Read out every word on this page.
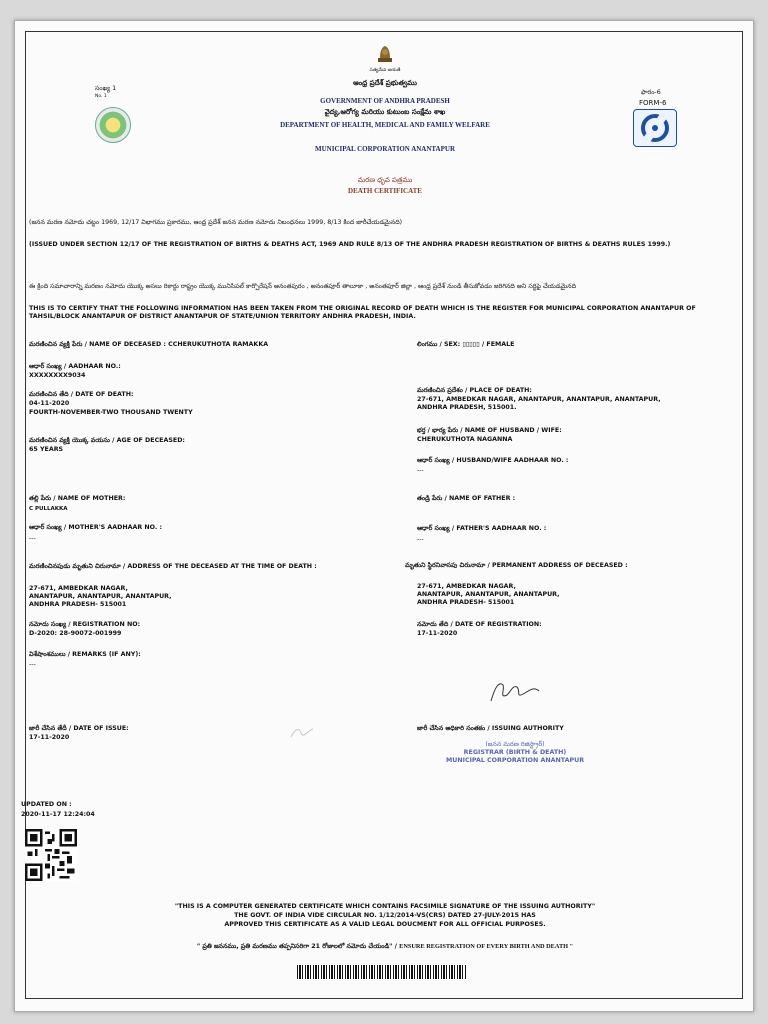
సత్యమేవ జయతే
సంఖ్య 1
No. 1
ఆంధ్ర ప్రదేశ్ ప్రభుత్వము
GOVERNMENT OF ANDHRA PRADESH
వైద్య,ఆరోగ్య మరియు కుటుంబ సంక్షేమ శాఖ
DEPARTMENT OF HEALTH, MEDICAL AND FAMILY WELFARE
ఫారం-6
FORM-6
MUNICIPAL CORPORATION ANANTAPUR
మరణ ధృవ పత్రము
DEATH CERTIFICATE
(జనన మరణ నమోదు చట్టం 1969, 12/17 విభాగము ప్రకారము, ఆంధ్ర ప్రదేశ్ జనన మరణ నమోదు నిబంధనలు 1999, 8/13 కింద జారీచేయడమైనది)
(ISSUED UNDER SECTION 12/17 OF THE REGISTRATION OF BIRTHS & DEATHS ACT, 1969 AND RULE 8/13 OF THE ANDHRA PRADESH REGISTRATION OF BIRTHS & DEATHS RULES 1999.)
ఈ క్రింది సమాచారాన్ని మరణం నమోదు యొక్క అసలు రికార్డు రాష్ట్రం యొక్క మునిసిపల్ కార్పొరేషన్ అనంతపురం , అనంతపూర్ తాలూకా , అనంతపూర్ జిల్లా , ఆంధ్ర ప్రదేశ్ నుండి తీసుకోవడం జరిగినది అని సర్టిఫై చేయడమైనది
THIS IS TO CERTIFY THAT THE FOLLOWING INFORMATION HAS BEEN TAKEN FROM THE ORIGINAL RECORD OF DEATH WHICH IS THE REGISTER FOR MUNICIPAL CORPORATION ANANTAPUR OF TAHSIL/BLOCK ANANTAPUR OF DISTRICT ANANTAPUR OF STATE/UNION TERRITORY ANDHRA PRADESH, INDIA.
మరణించిన వ్యక్తి పేరు / NAME OF DECEASED : CCHERUKUTHOTA RAMAKKA
ఆధార్ సంఖ్య / AADHAAR NO.:
XXXXXXXX9034
మరణించిన తేది / DATE OF DEATH:
04-11-2020
FOURTH-NOVEMBER-TWO THOUSAND TWENTY
మరణించిన వ్యక్తి యొక్క వయసు / AGE OF DECEASED:
65 YEARS
తల్లి పేరు / NAME OF MOTHER:
C PULLAKKA
ఆధార్ సంఖ్య / MOTHER'S AADHAAR NO. :
---
మరణించినపుడు మృతుని చిరునామా / ADDRESS OF THE DECEASED AT THE TIME OF DEATH :
27-671, AMBEDKAR NAGAR,
ANANTAPUR, ANANTAPUR, ANANTAPUR,
ANDHRA PRADESH- 515001
నమోదు సంఖ్య / REGISTRATION NO:
D-2020: 28-90072-001999
విశేషాంశములు / REMARKS (IF ANY):
---
జారీ చేసిన తేదీ / DATE OF ISSUE:
17-11-2020
లింగము / SEX: ▯▯▯▯▯ / FEMALE
మరణించిన ప్రదేశం / PLACE OF DEATH:
27-671, AMBEDKAR NAGAR, ANANTAPUR, ANANTAPUR, ANANTAPUR,
ANDHRA PRADESH, 515001.
భర్త / భార్య పేరు / NAME OF HUSBAND / WIFE:
CHERUKUTHOTA NAGANNA
ఆధార్ సంఖ్య / HUSBAND/WIFE AADHAAR NO. :
---
తండ్రి పేరు / NAME OF FATHER :
ఆధార్ సంఖ్య / FATHER'S AADHAAR NO. :
---
మృతుని స్థిరనివాసపు చిరునామా / PERMANENT ADDRESS OF DECEASED :
27-671, AMBEDKAR NAGAR,
ANANTAPUR, ANANTAPUR, ANANTAPUR,
ANDHRA PRADESH- 515001
నమోదు తేది / DATE OF REGISTRATION:
17-11-2020
జారీ చేసిన అధికారి సంతకం / ISSUING AUTHORITY
(జనన మరణ రిజిస్ట్రార్)
REGISTRAR (BIRTH & DEATH)
MUNICIPAL CORPORATION ANANTAPUR
UPDATED ON :
2020-11-17 12:24:04
"THIS IS A COMPUTER GENERATED CERTIFICATE WHICH CONTAINS FACSIMILE SIGNATURE OF THE ISSUING AUTHORITY"
THE GOVT. OF INDIA VIDE CIRCULAR NO. 1/12/2014-VS(CRS) DATED 27-JULY-2015 HAS
APPROVED THIS CERTIFICATE AS A VALID LEGAL DOUCMENT FOR ALL OFFICIAL PURPOSES.
" ప్రతి జననము, ప్రతి మరణము తప్పనిసరిగా 21 రోజులలో నమోదు చేయండి" / ENSURE REGISTRATION OF EVERY BIRTH AND DEATH "
